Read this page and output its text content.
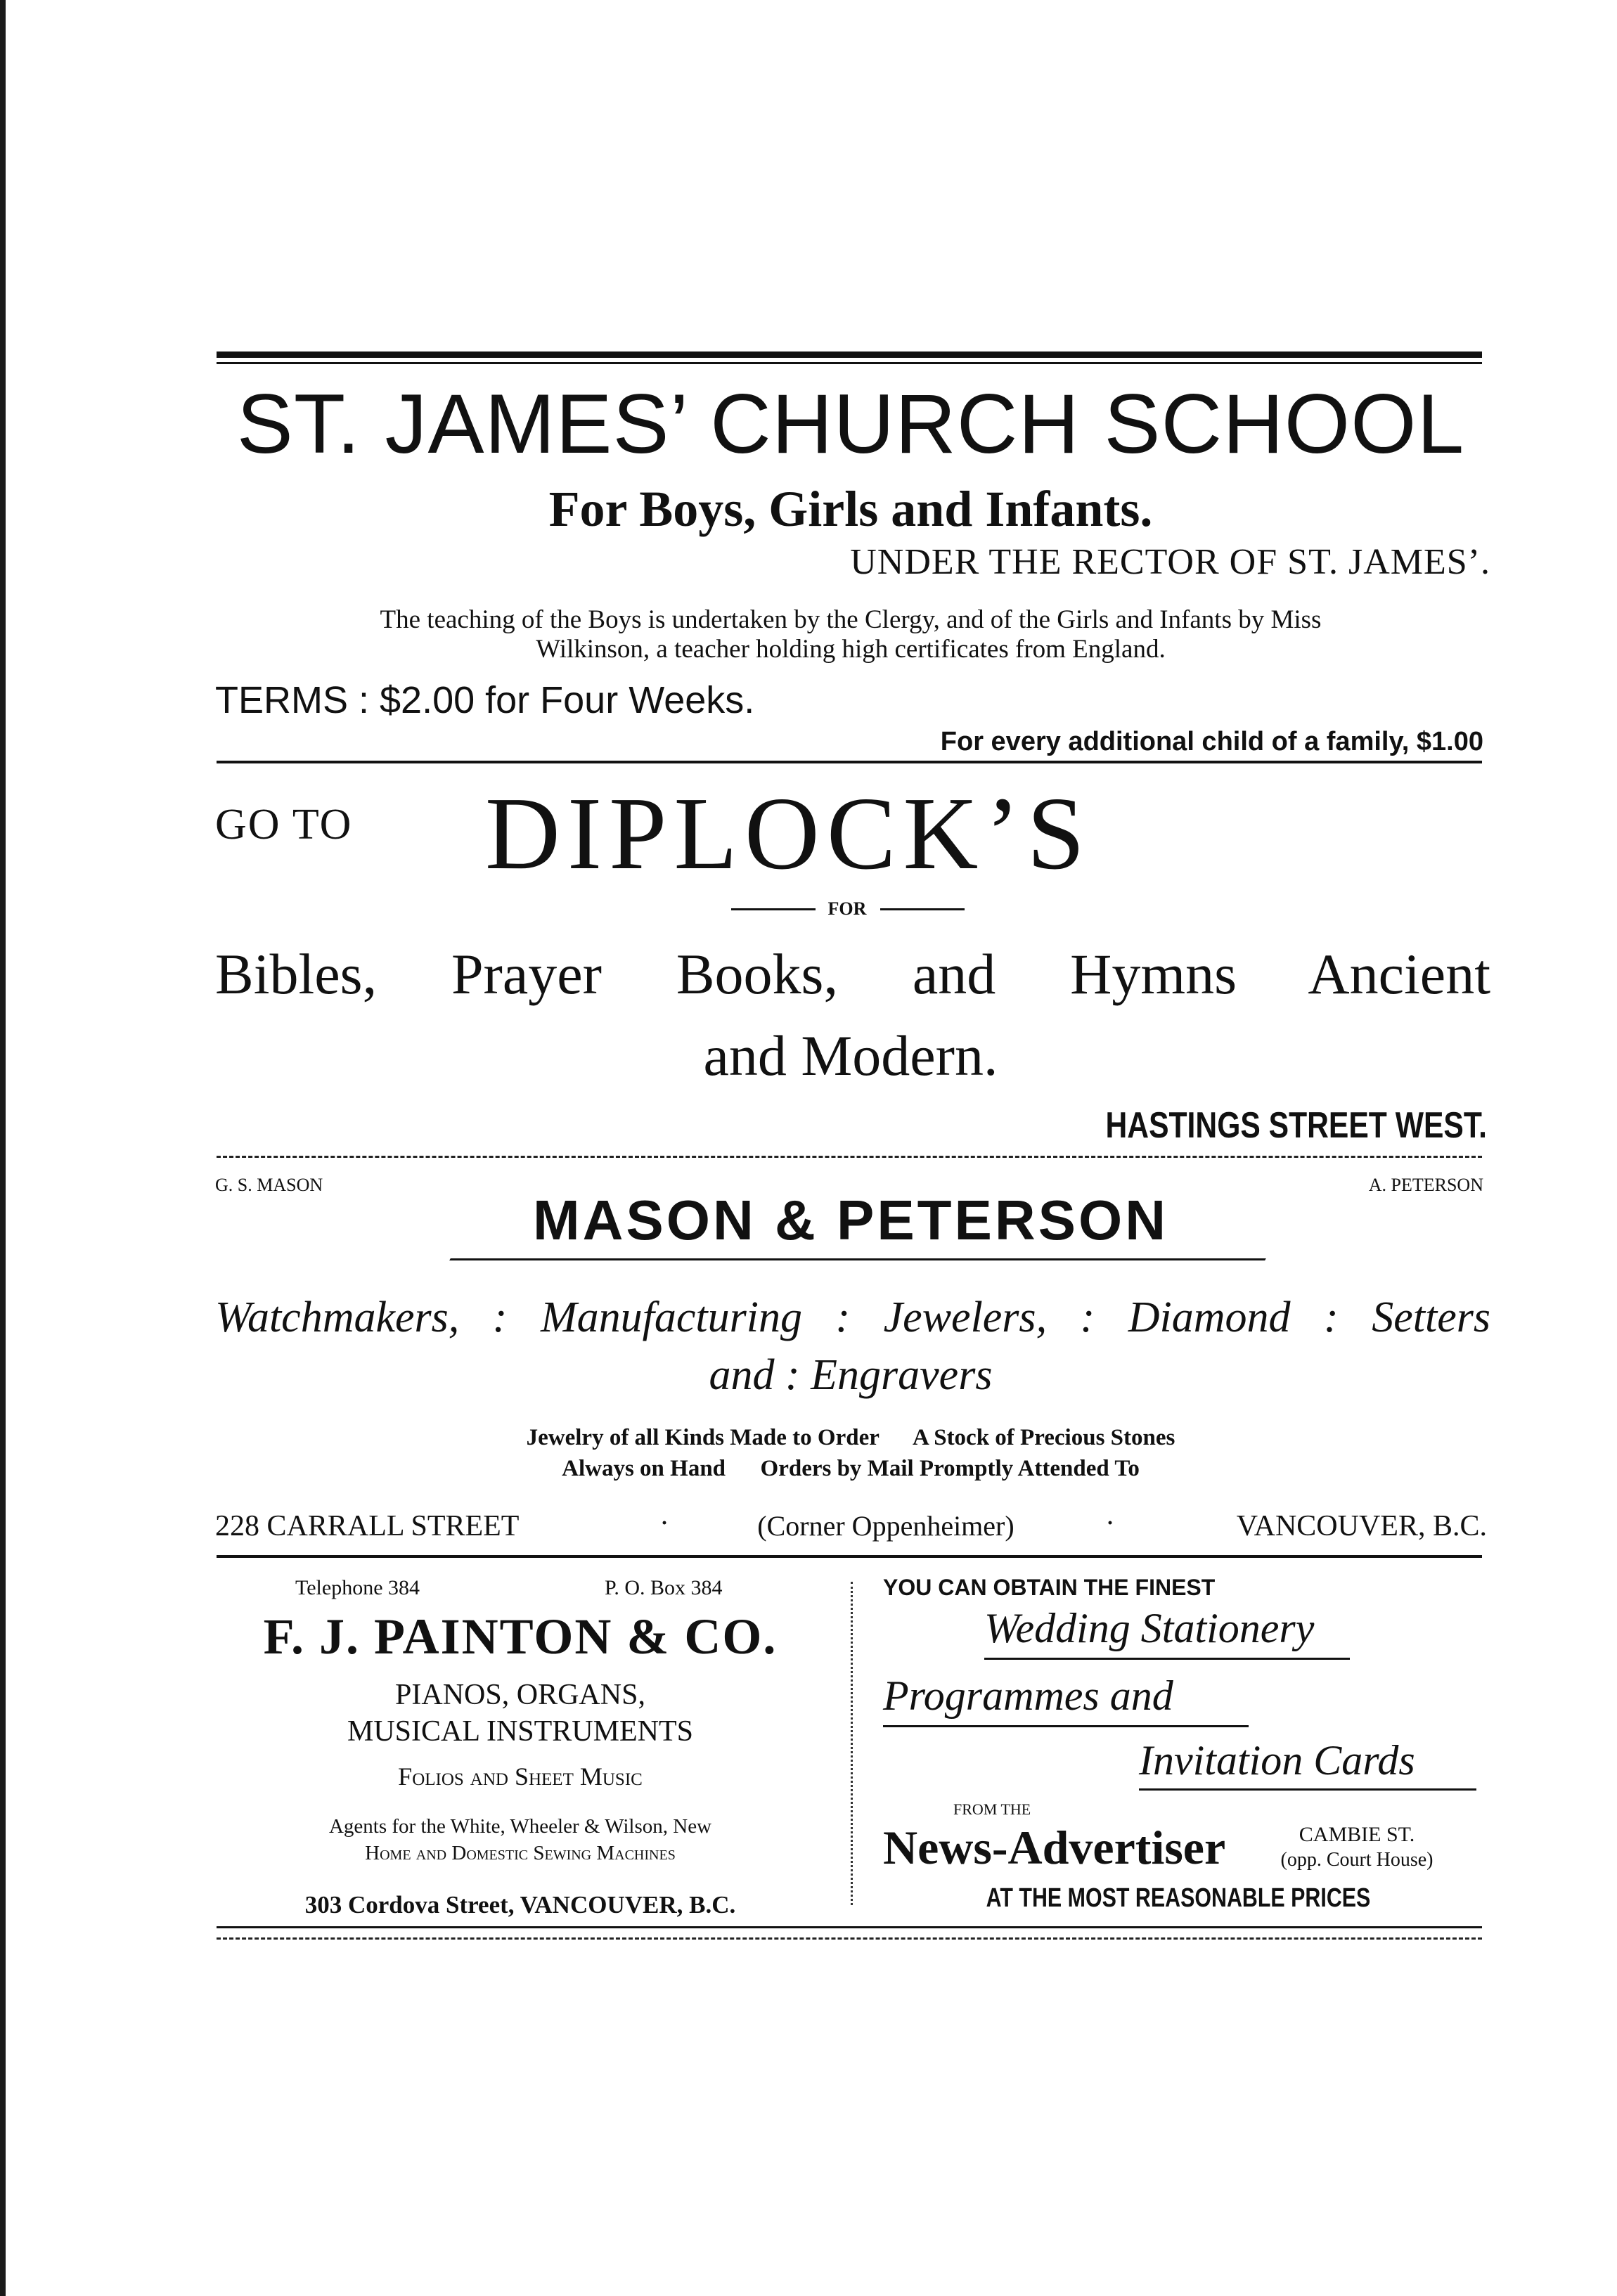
ST. JAMES’ CHURCH SCHOOL
For Boys, Girls and Infants.
UNDER THE RECTOR OF ST. JAMES’.
The teaching of the Boys is undertaken by the Clergy, and of the Girls and Infants by Miss
Wilkinson, a teacher holding high certificates from England.
TERMS : $2.00 for Four Weeks.
For every additional child of a family, $1.00
GO TO	DIPLOCK’S
FOR
Bibles, Prayer Books, and Hymns Ancient
and Modern.
HASTINGS STREET WEST.
G. S. MASON	A. PETERSON
MASON & PETERSON
Watchmakers, : Manufacturing : Jewelers, : Diamond : Setters
and : Engravers
Jewelry of all Kinds Made to Order      A Stock of Precious Stones
Always on Hand      Orders by Mail Promptly Attended To
228 CARRALL STREET	·	(Corner Oppenheimer)	·	VANCOUVER, B.C.
Telephone 384	P. O. Box 384
F. J. PAINTON & CO.
PIANOS, ORGANS,
MUSICAL INSTRUMENTS
Folios and Sheet Music
Agents for the White, Wheeler & Wilson, New
Home and Domestic Sewing Machines
303 Cordova Street, VANCOUVER, B.C.
YOU CAN OBTAIN THE FINEST
Wedding Stationery
Programmes and
Invitation Cards
FROM THE
News-Advertiser	CAMBIE ST.
(opp. Court House)
AT THE MOST REASONABLE PRICES
